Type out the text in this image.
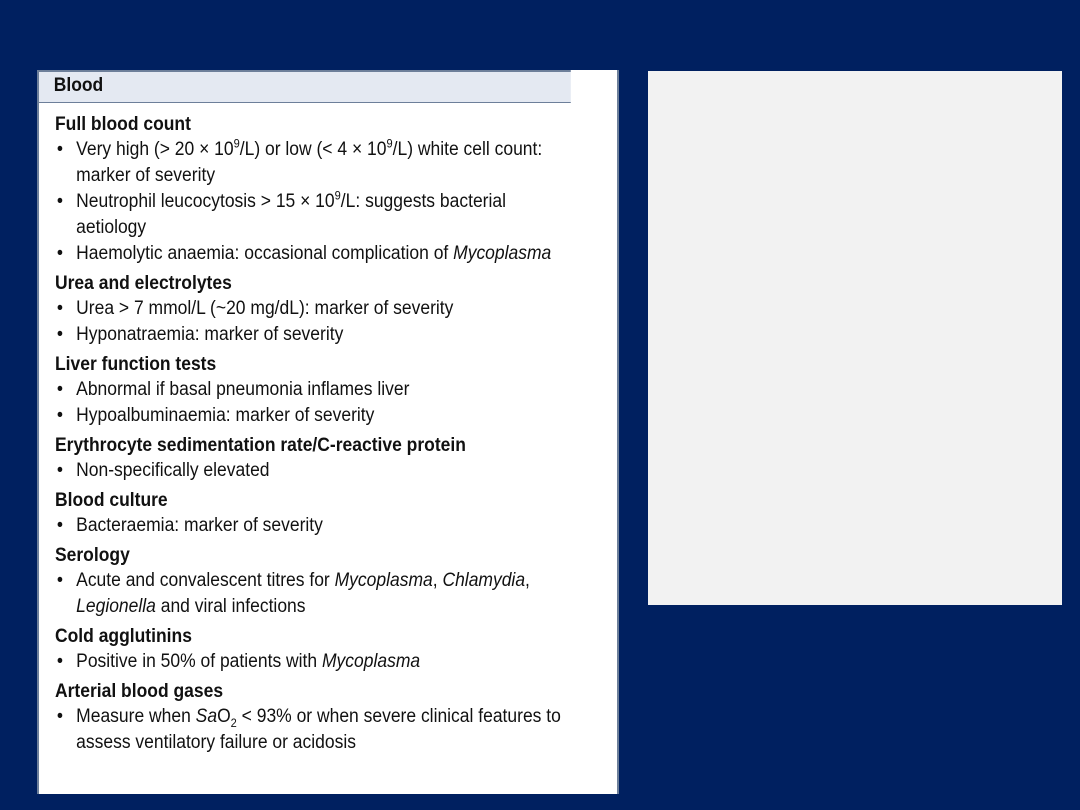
Blood
Full blood count
• Very high (> $20 \times 10^9/L$) or low (< $4 \times 10^9/L$) white cell count: marker of severity
• Neutrophil leucocytosis > $15 \times 10^9/L$: suggests bacterial aetiology
• Haemolytic anaemia: occasional complication of Mycoplasma
Urea and electrolytes
• Urea > 7 mmol/L (~20 mg/dL): marker of severity
• Hyponatraemia: marker of severity
Liver function tests
• Abnormal if basal pneumonia inflames liver
• Hypoalbuminaemia: marker of severity
Erythrocyte sedimentation rate/C-reactive protein
• Non-specifically elevated
Blood culture
• Bacteraemia: marker of severity
Serology
• Acute and convalescent titres for Mycoplasma, Chlamydia, Legionella and viral infections
Cold agglutinins
• Positive in 50% of patients with Mycoplasma
Arterial blood gases
• Measure when SaO$_2$ < 93% or when severe clinical features to assess ventilatory failure or acidosis
